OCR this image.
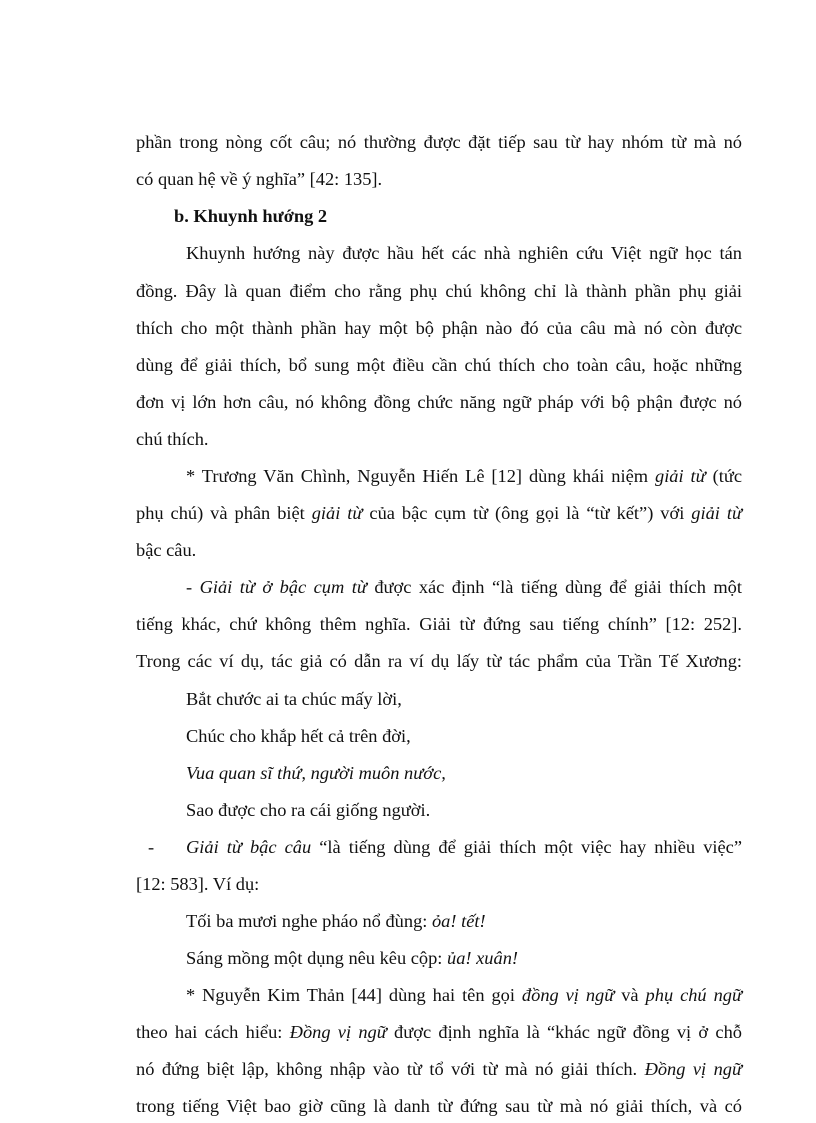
phần trong nòng cốt câu; nó thường được đặt tiếp sau từ hay nhóm từ mà nó
có quan hệ về ý nghĩa” [42: 135].
b. Khuynh hướng 2
Khuynh hướng này được hầu hết các nhà nghiên cứu Việt ngữ học tán
đồng. Đây là quan điểm cho rằng phụ chú không chỉ là thành phần phụ giải
thích cho một thành phần hay một bộ phận nào đó của câu mà nó còn được
dùng để giải thích, bổ sung một điều cần chú thích cho toàn câu, hoặc những
đơn vị lớn hơn câu, nó không đồng chức năng ngữ pháp với bộ phận được nó
chú thích.
* Trương Văn Chình, Nguyễn Hiến Lê [12] dùng khái niệm giải từ (tức
phụ chú) và phân biệt giải từ của bậc cụm từ (ông gọi là “từ kết”) với giải từ
bậc câu.
- Giải từ ở bậc cụm từ được xác định “là tiếng dùng để giải thích một
tiếng khác, chứ không thêm nghĩa. Giải từ đứng sau tiếng chính” [12: 252].
Trong các ví dụ, tác giả có dẫn ra ví dụ lấy từ tác phẩm của Trần Tế Xương:
Bắt chước ai ta chúc mấy lời,
Chúc cho khắp hết cả trên đời,
Vua quan sĩ thứ, người muôn nước,
Sao được cho ra cái giống người.
- Giải từ bậc câu “là tiếng dùng để giải thích một việc hay nhiều việc”
[12: 583]. Ví dụ:
Tối ba mươi nghe pháo nổ đùng: ỏa! tết!
Sáng mồng một dụng nêu kêu cộp: ủa! xuân!
* Nguyễn Kim Thản [44] dùng hai tên gọi đồng vị ngữ và phụ chú ngữ
theo hai cách hiểu: Đồng vị ngữ được định nghĩa là “khác ngữ đồng vị ở chỗ
nó đứng biệt lập, không nhập vào từ tổ với từ mà nó giải thích. Đồng vị ngữ
trong tiếng Việt bao giờ cũng là danh từ đứng sau từ mà nó giải thích, và có
